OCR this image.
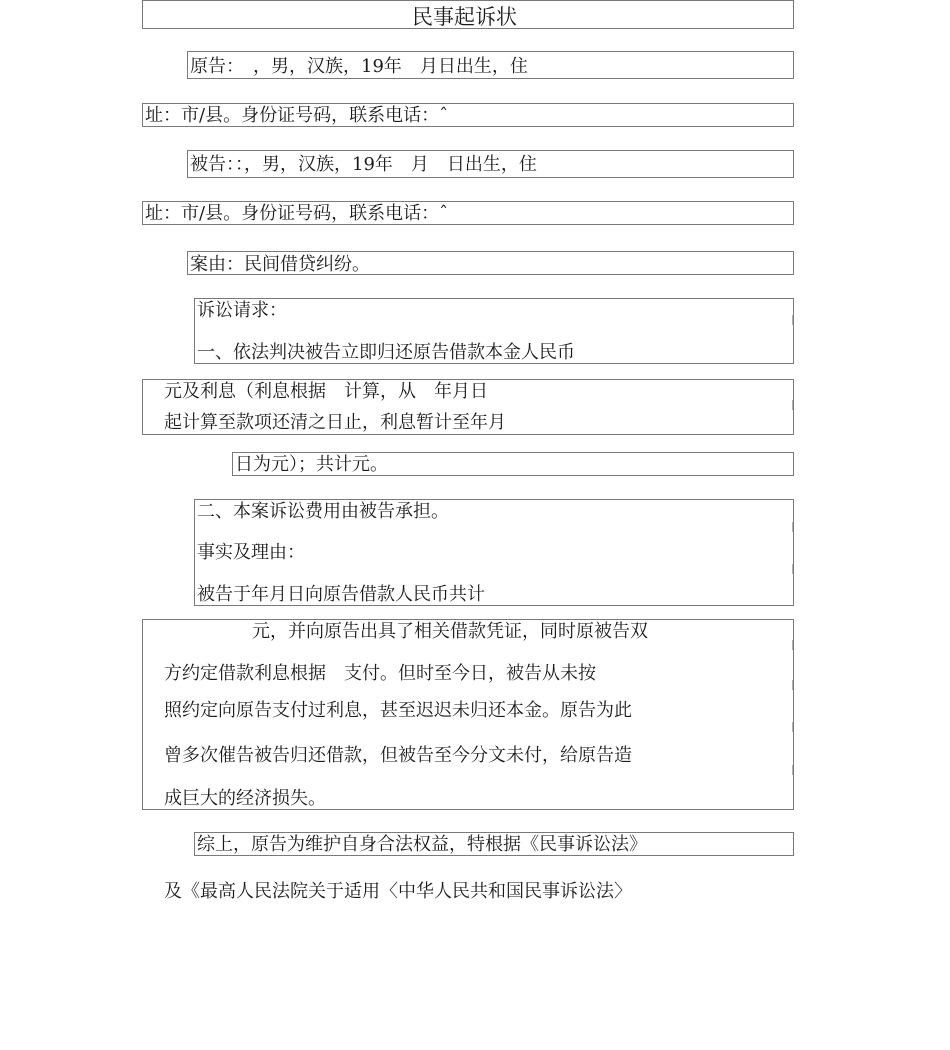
民事起诉状
原告：　，男，汉族，19年　月日出生，住
址：市/县。身份证号码，联系电话：ˆ
被告：：，男，汉族，19年　月　日出生，住
址：市/县。身份证号码，联系电话：ˆ
案由：民间借贷纠纷。
诉讼请求：
一、依法判决被告立即归还原告借款本金人民币
元及利息（利息根据　计算，从　年月日
起计算至款项还清之日止，利息暂计至年月
日为元）；共计元。
二、本案诉讼费用由被告承担。
事实及理由：
被告于年月日向原告借款人民币共计
元，并向原告出具了相关借款凭证，同时原被告双
方约定借款利息根据　支付。但时至今日，被告从未按
照约定向原告支付过利息，甚至迟迟未归还本金。原告为此
曾多次催告被告归还借款，但被告至今分文未付，给原告造
成巨大的经济损失。
综上，原告为维护自身合法权益，特根据《民事诉讼法》
及《最高人民法院关于适用〈中华人民共和国民事诉讼法〉
